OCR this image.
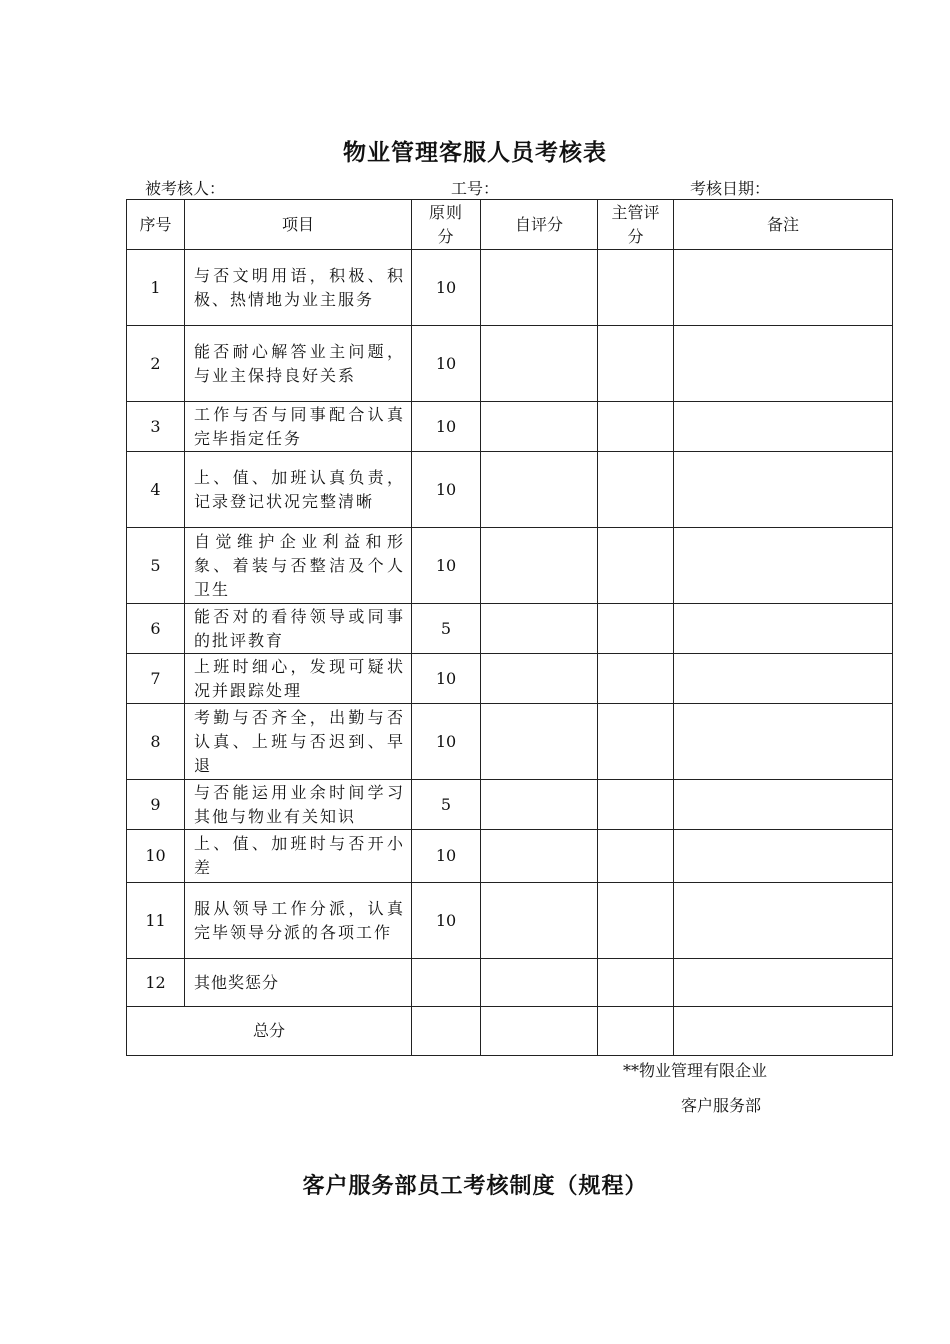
物业管理客服人员考核表
被考核人：	工号：	考核日期：
序号	项目	原则分	自评分	主管评分	备注
1	与否文明用语，积极、积极、热情地为业主服务	10			
2	能否耐心解答业主问题，与业主保持良好关系	10			
3	工作与否与同事配合认真完毕指定任务	10			
4	上、值、加班认真负责，记录登记状况完整清晰	10			
5	自觉维护企业利益和形象、着装与否整洁及个人卫生	10			
6	能否对的看待领导或同事的批评教育	5			
7	上班时细心，发现可疑状况并跟踪处理	10			
8	考勤与否齐全，出勤与否认真、上班与否迟到、早退	10			
9	与否能运用业余时间学习其他与物业有关知识	5			
10	上、值、加班时与否开小差	10			
11	服从领导工作分派，认真完毕领导分派的各项工作	10			
12	其他奖惩分				
总分					
**物业管理有限企业
客户服务部
客户服务部员工考核制度（规程）
